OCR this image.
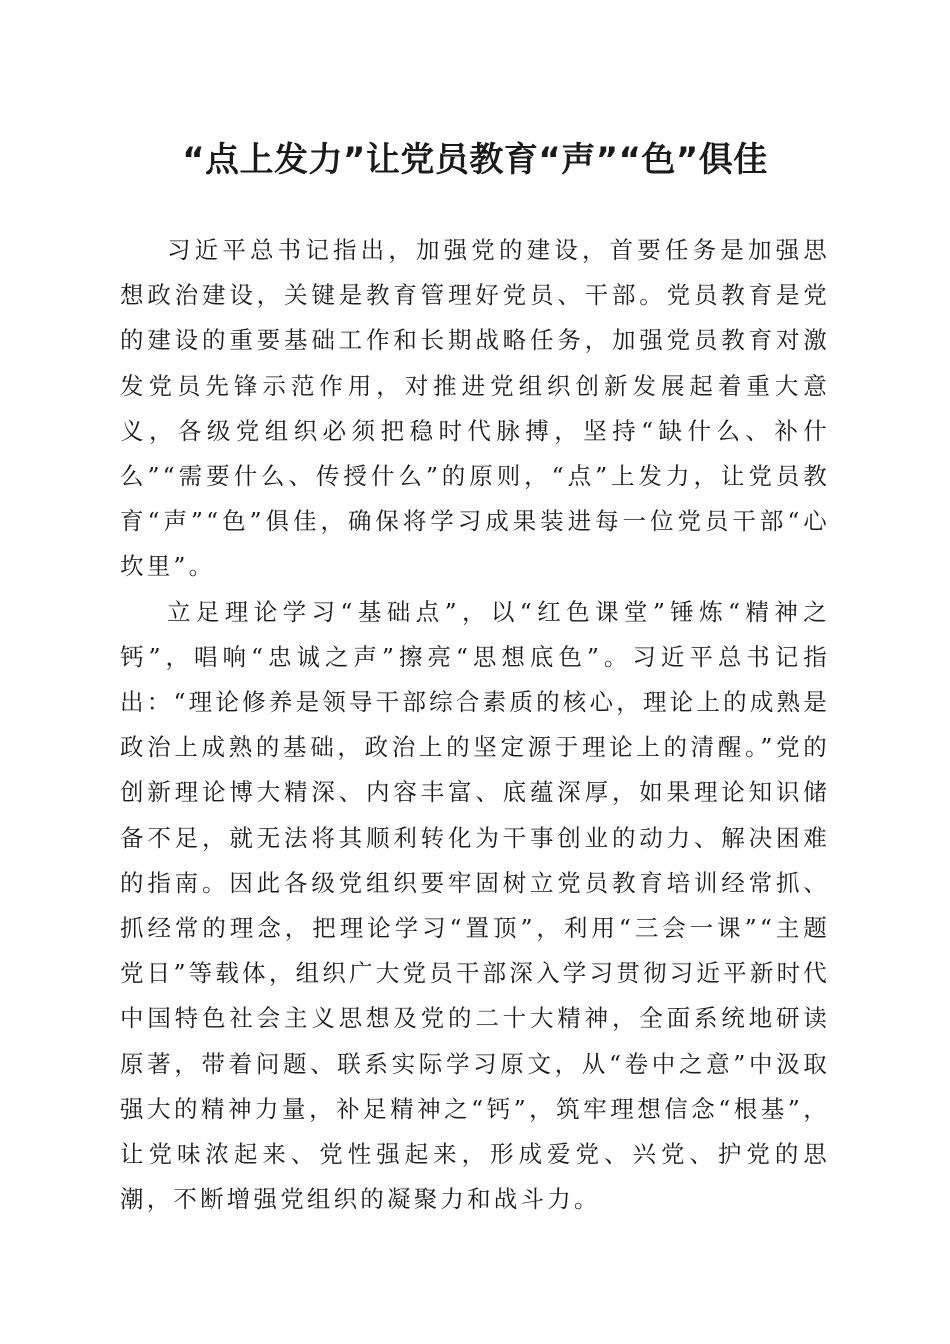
“点上发力”让党员教育“声”“色”俱佳

习近平总书记指出，加强党的建设，首要任务是加强思想政治建设，关键是教育管理好党员、干部。党员教育是党的建设的重要基础工作和长期战略任务，加强党员教育对激发党员先锋示范作用，对推进党组织创新发展起着重大意义，各级党组织必须把稳时代脉搏，坚持“缺什么、补什么”“需要什么、传授什么”的原则，“点”上发力，让党员教育“声”“色”俱佳，确保将学习成果装进每一位党员干部“心坎里”。

立足理论学习“基础点”，以“红色课堂”锤炼“精神之钙”，唱响“忠诚之声”擦亮“思想底色”。习近平总书记指出：“理论修养是领导干部综合素质的核心，理论上的成熟是政治上成熟的基础，政治上的坚定源于理论上的清醒。”党的创新理论博大精深、内容丰富、底蕴深厚，如果理论知识储备不足，就无法将其顺利转化为干事创业的动力、解决困难的指南。因此各级党组织要牢固树立党员教育培训经常抓、抓经常的理念，把理论学习“置顶”，利用“三会一课”“主题党日”等载体，组织广大党员干部深入学习贯彻习近平新时代中国特色社会主义思想及党的二十大精神，全面系统地研读原著，带着问题、联系实际学习原文，从“卷中之意”中汲取强大的精神力量，补足精神之“钙”，筑牢理想信念“根基”，让党味浓起来、党性强起来，形成爱党、兴党、护党的思潮，不断增强党组织的凝聚力和战斗力。
